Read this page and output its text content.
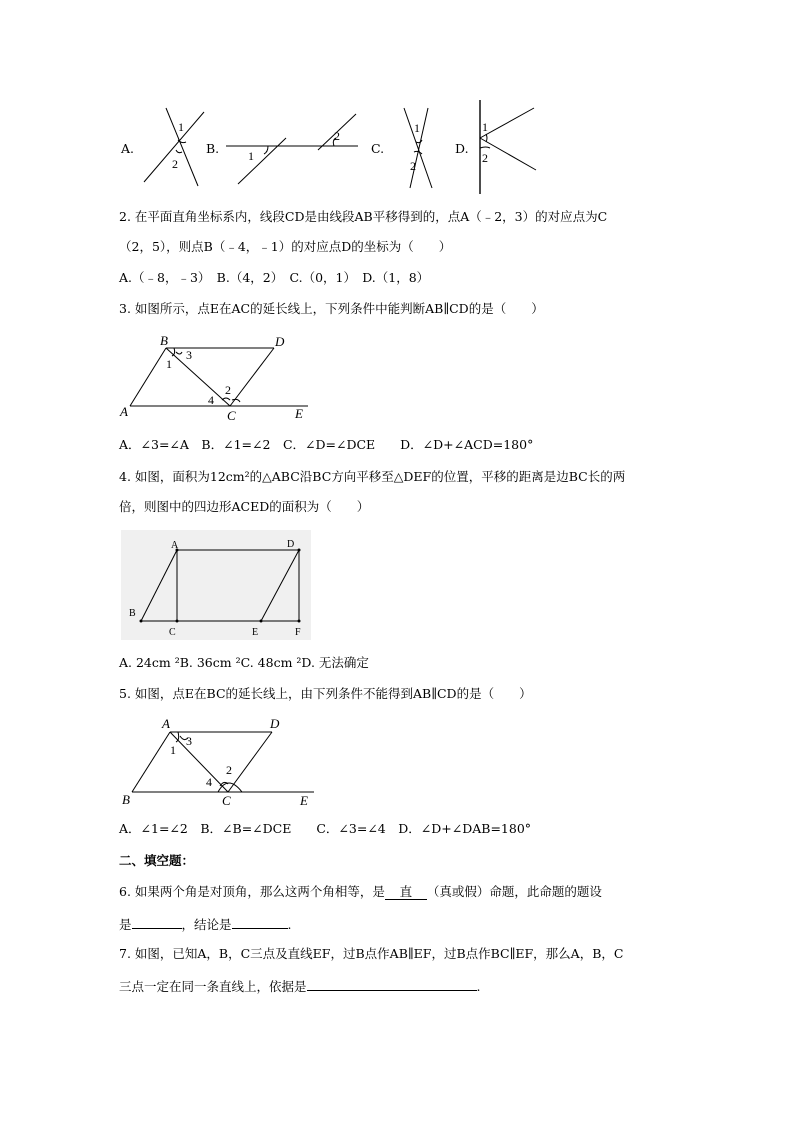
A.
1
2
B. 1
2
C.
1
2
D.
1
2
2. 在平面直角坐标系内，线段CD是由线段AB平移得到的，点A（﹣2，3）的对应点为C
（2，5），则点B（﹣4，﹣1）的对应点D的坐标为（　　）
A.（﹣8，﹣3）　B.（4，2）　C.（0，1）　D.（1，8）
3. 如图所示，点E在AC的延长线上，下列条件中能判断AB∥CD的是（　　）
B	D
A	C	E
1
2
3
4
A．∠3=∠A　B．∠1=∠2　C．∠D=∠DCE　　D．∠D+∠ACD=180°
4. 如图，面积为12cm²的△ABC沿BC方向平移至△DEF的位置，平移的距离是边BC长的两
倍，则图中的四边形ACED的面积为（　　）
A	D
B
C	E	F
A. 24cm ²B. 36cm ²C. 48cm ²D. 无法确定
5. 如图，点E在BC的延长线上，由下列条件不能得到AB∥CD的是（　　）
A	D
B	C	E
1
2
3
4
A．∠1=∠2　B．∠B=∠DCE　　C．∠3=∠4　D．∠D+∠DAB=180°
二、填空题：
6. 如果两个角是对顶角，那么这两个角相等，是 直 （真或假）命题，此命题的题设
是	，结论是	.
7. 如图，已知A，B，C三点及直线EF，过B点作AB∥EF，过B点作BC∥EF，那么A，B，C
三点一定在同一条直线上，依据是	.
